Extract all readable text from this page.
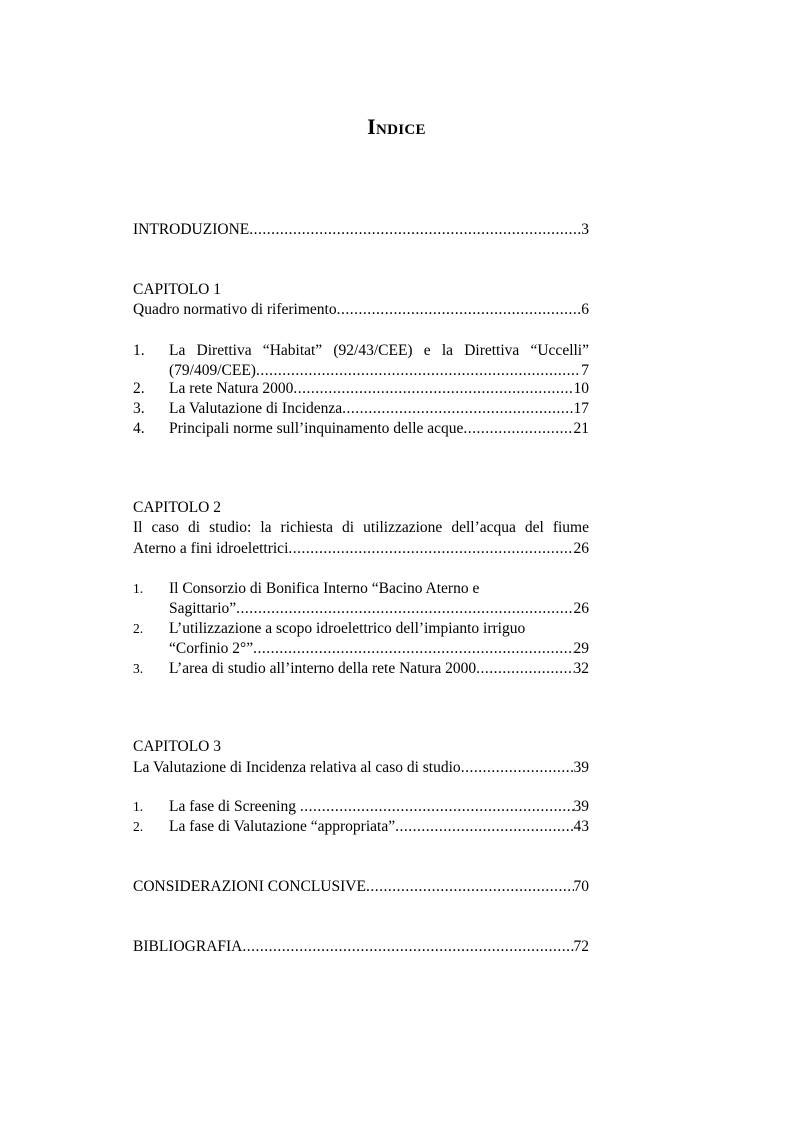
Indice
INTRODUZIONE .....	3
CAPITOLO 1
Quadro normativo di riferimento .....	6
1.	La Direttiva “Habitat” (92/43/CEE) e la Direttiva “Uccelli”
(79/409/CEE) .....	7
2.	La rete Natura 2000 .....	10
3.	La Valutazione di Incidenza .....	17
4.	Principali norme sull’inquinamento delle acque .....	21
CAPITOLO 2
Il caso di studio: la richiesta di utilizzazione dell’acqua del fiume
Aterno a fini idroelettrici .....	26
1.	Il Consorzio di Bonifica Interno “Bacino Aterno e
Sagittario” .....	26
2.	L’utilizzazione a scopo idroelettrico dell’impianto irriguo
“Corfinio 2°” .....	29
3.	L’area di studio all’interno della rete Natura 2000 .....	32
CAPITOLO 3
La Valutazione di Incidenza relativa al caso di studio .....	39
1.	La fase di Screening .....	39
2.	La fase di Valutazione “appropriata” .....	43
CONSIDERAZIONI CONCLUSIVE .....	70
BIBLIOGRAFIA .....	72
